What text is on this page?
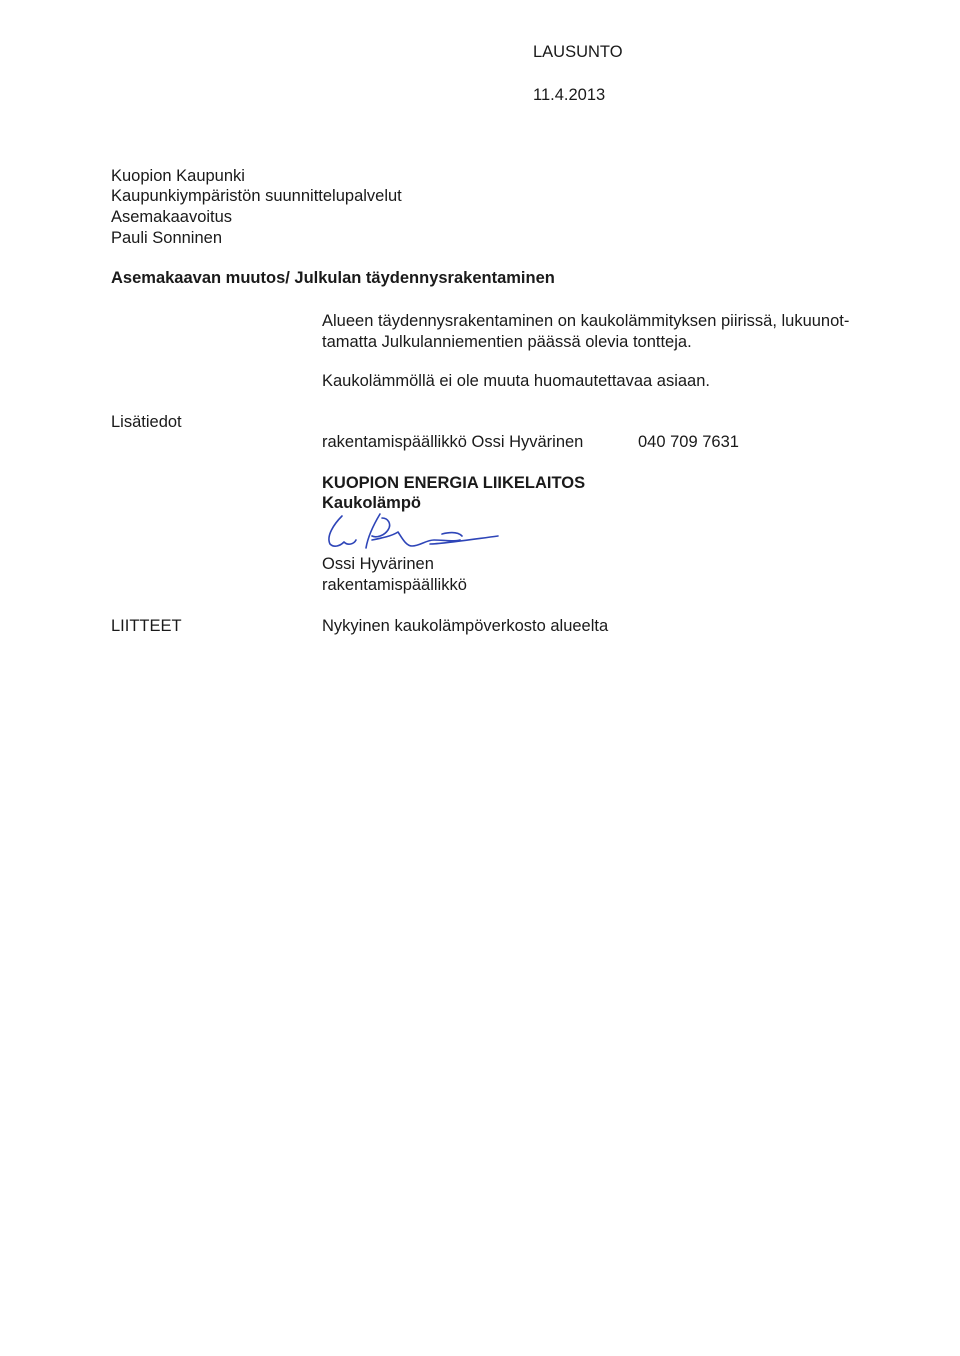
LAUSUNTO

11.4.2013

Kuopion Kaupunki

Kaupunkiympäristön suunnittelupalvelut

Asemakaavoitus

Pauli Sonninen

Asemakaavan muutos/ Julkulan täydennysrakentaminen

Alueen täydennysrakentaminen on kaukolämmityksen piirissä, lukuunot-

tamatta Julkulanniementien päässä olevia tontteja.

Kaukolämmöllä ei ole muuta huomautettavaa asiaan.

Lisätiedot

rakentamispäällikkö Ossi Hyvärinen	040 709 7631

KUOPION ENERGIA LIIKELAITOS

Kaukolämpö

Ossi Hyvärinen

rakentamispäällikkö

LIITTEET	Nykyinen kaukolämpöverkosto alueelta
